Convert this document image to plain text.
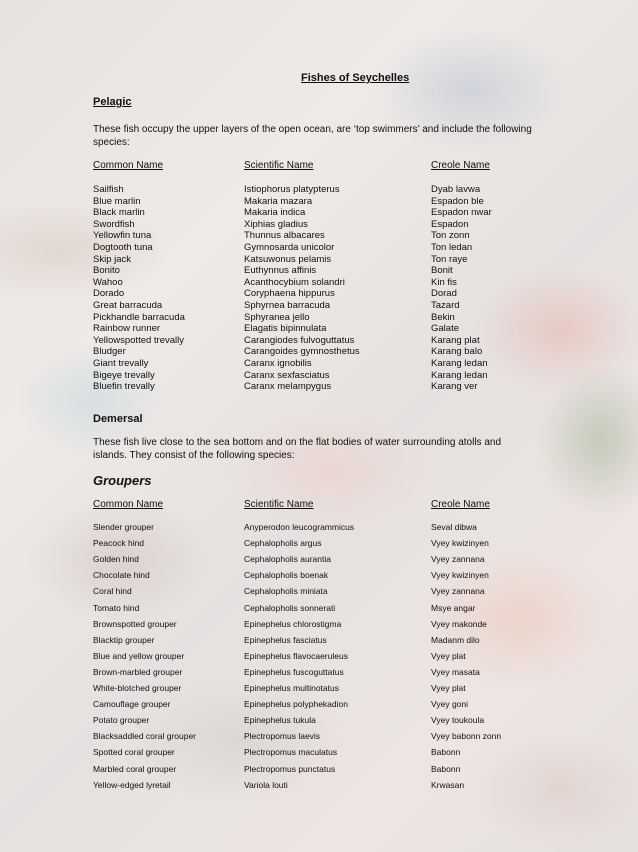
Fishes of Seychelles
Pelagic
These fish occupy the upper layers of the open ocean, are ‘top swimmers’ and include the following species:
Common Name	Scientific Name	Creole Name
Sailfish	Istiophorus platypterus	Dyab lavwa
Blue marlin	Makaria mazara	Espadon ble
Black marlin	Makaria indica	Espadon nwar
Swordfish	Xiphias gladius	Espadon
Yellowfin tuna	Thunnus albacares	Ton zonn
Dogtooth tuna	Gymnosarda unicolor	Ton ledan
Skip jack	Katsuwonus pelamis	Ton raye
Bonito	Euthynnus affinis	Bonit
Wahoo	Acanthocybium solandri	Kin fis
Dorado	Coryphaena hippurus	Dorad
Great barracuda	Sphyrnea barracuda	Tazard
Pickhandle barracuda	Sphyranea jello	Bekin
Rainbow runner	Elagatis bipinnulata	Galate
Yellowspotted trevally	Carangiodes fulvoguttatus	Karang plat
Bludger	Carangoides gymnosthetus	Karang balo
Giant trevally	Caranx ignobilis	Karang ledan
Bigeye trevally	Caranx sexfasciatus	Karang ledan
Bluefin trevally	Caranx melampygus	Karang ver
Demersal
These fish live close to the sea bottom and on the flat bodies of water surrounding atolls and islands. They consist of the following species:
Groupers
Common Name	Scientific Name	Creole Name
Slender grouper	Anyperodon leucogrammicus	Seval dibwa
Peacock hind	Cephalopholis argus	Vyey kwizinyen
Golden hind	Cephalopholis aurantia	Vyey zannana
Chocolate hind	Cephalopholis boenak	Vyey kwizinyen
Coral hind	Cephalopholis miniata	Vyey zannana
Tomato hind	Cephalopholis sonnerati	Msye angar
Brownspotted grouper	Epinephelus chlorostigma	Vyey makonde
Blacktip grouper	Epinephelus fasciatus	Madanm dilo
Blue and yellow grouper	Epinephelus flavocaeruleus	Vyey plat
Brown-marbled grouper	Epinephelus fuscoguttatus	Vyey masata
White-blotched grouper	Epinephelus multinotatus	Vyey plat
Camouflage grouper	Epinephelus polyphekadion	Vyey goni
Potato grouper	Epinephelus tukula	Vyey toukoula
Blacksaddled coral grouper	Plectropomus laevis	Vyey babonn zonn
Spotted coral grouper	Plectropomus maculatus	Babonn
Marbled coral grouper	Plectropomus punctatus	Babonn
Yellow-edged lyretail	Variola louti	Krwasan
